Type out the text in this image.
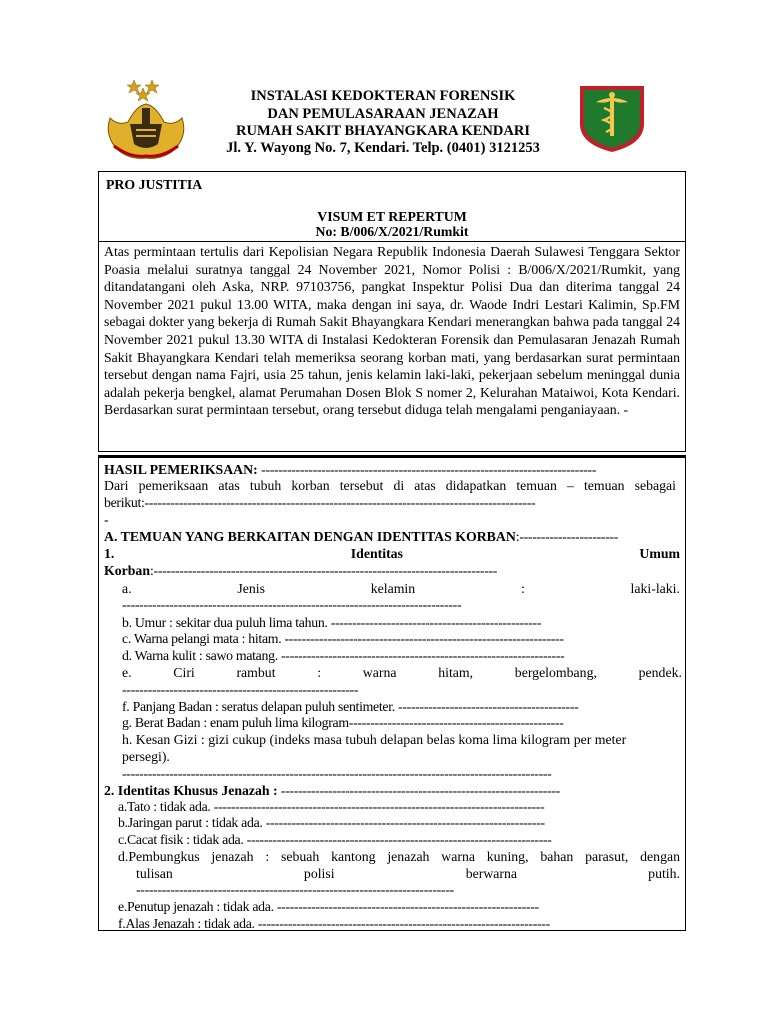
INSTALASI KEDOKTERAN FORENSIK
DAN PEMULASARAAN JENAZAH
RUMAH SAKIT BHAYANGKARA KENDARI
Jl. Y. Wayong No. 7, Kendari. Telp. (0401) 3121253
PRO JUSTITIA
VISUM ET REPERTUM
No: B/006/X/2021/Rumkit
Atas permintaan tertulis dari Kepolisian Negara Republik Indonesia Daerah Sulawesi Tenggara Sektor Poasia melalui suratnya tanggal 24 November 2021, Nomor Polisi : B/006/X/2021/Rumkit, yang ditandatangani oleh Aska, NRP. 97103756, pangkat Inspektur Polisi Dua dan diterima tanggal 24 November 2021 pukul 13.00 WITA, maka dengan ini saya, dr. Waode Indri Lestari Kalimin, Sp.FM sebagai dokter yang bekerja di Rumah Sakit Bhayangkara Kendari menerangkan bahwa pada tanggal 24 November 2021 pukul 13.30 WITA di Instalasi Kedokteran Forensik dan Pemulasaran Jenazah Rumah Sakit Bhayangkara Kendari telah memeriksa seorang korban mati, yang berdasarkan surat permintaan tersebut dengan nama Fajri, usia 25 tahun, jenis kelamin laki-laki, pekerjaan sebelum meninggal dunia adalah pekerja bengkel, alamat Perumahan Dosen Blok S nomer 2, Kelurahan Mataiwoi, Kota Kendari. Berdasarkan surat permintaan tersebut, orang tersebut diduga telah mengalami penganiayaan. -
HASIL PEMERIKSAAN: ------------------------------------------------------------------------------
Dari pemeriksaan atas tubuh korban tersebut di atas didapatkan temuan – temuan sebagai
berikut:-------------------------------------------------------------------------------------------
-
A. TEMUAN YANG BERKAITAN DENGAN IDENTITAS KORBAN:-----------------------
1.	Identitas	Umum
Korban:--------------------------------------------------------------------------------
a.	Jenis	kelamin	:	laki-laki.
-------------------------------------------------------------------------------
b. Umur : sekitar dua puluh lima tahun. -------------------------------------------------
c. Warna pelangi mata : hitam. -----------------------------------------------------------------
d. Warna kulit : sawo matang. ------------------------------------------------------------------
e.	Ciri	rambut	:	warna	hitam,	bergelombang,	pendek.
-------------------------------------------------------
f. Panjang Badan : seratus delapan puluh sentimeter. ------------------------------------------
g. Berat Badan : enam puluh lima kilogram--------------------------------------------------
h. Kesan Gizi : gizi cukup (indeks masa tubuh delapan belas koma lima kilogram per meter
persegi).
----------------------------------------------------------------------------------------------------
2. Identitas Khusus Jenazah : -----------------------------------------------------------------
a.Tato : tidak ada. -----------------------------------------------------------------------------
b.Jaringan parut : tidak ada. -----------------------------------------------------------------
c.Cacat fisik : tidak ada. -----------------------------------------------------------------------
d.Pembungkus jenazah : sebuah kantong jenazah warna kuning, bahan parasut, dengan
tulisan	polisi	berwarna	putih.
--------------------------------------------------------------------------
e.Penutup jenazah : tidak ada. -------------------------------------------------------------
f.Alas Jenazah : tidak ada. --------------------------------------------------------------------
